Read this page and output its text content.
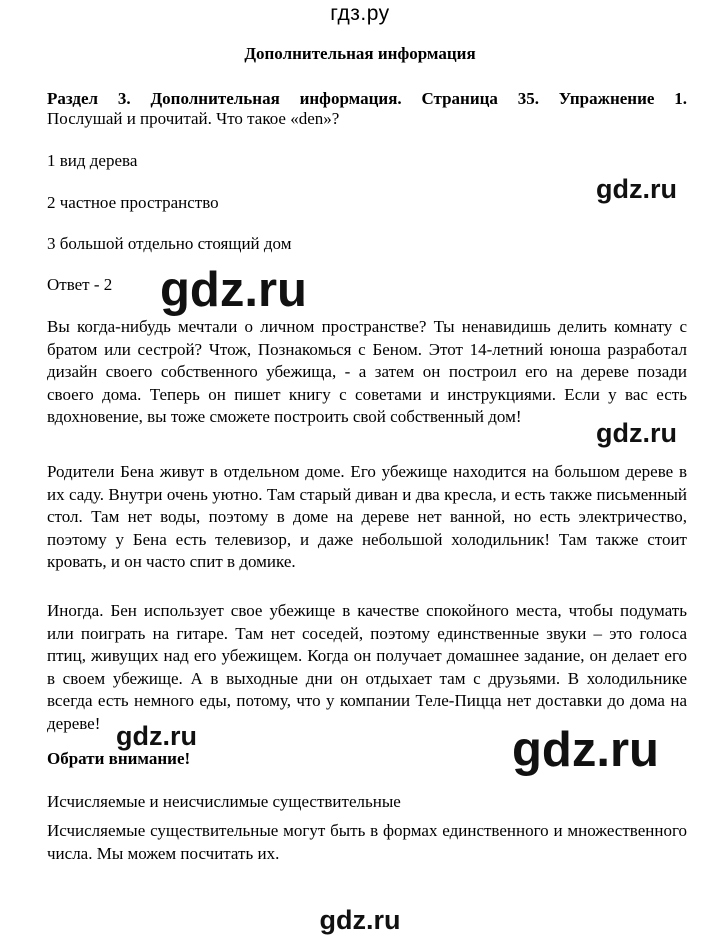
гдз.ру
Дополнительная информация
Раздел 3. Дополнительная информация. Страница 35. Упражнение 1.
Послушай и прочитай. Что такое «den»?
1 вид дерева
2 частное пространство
3 большой отдельно стоящий дом
Ответ - 2
Вы когда-нибудь мечтали о личном пространстве? Ты ненавидишь делить комнату с братом или сестрой? Чтож, Познакомься с Беном. Этот 14-летний юноша разработал дизайн своего собственного убежища, - а затем он построил его на дереве позади своего дома. Теперь он пишет книгу с советами и инструкциями. Если у вас есть вдохновение, вы тоже сможете построить свой собственный дом!
Родители Бена живут в отдельном доме. Его убежище находится на большом дереве в их саду. Внутри очень уютно. Там старый диван и два кресла, и есть также письменный стол. Там нет воды, поэтому в доме на дереве нет ванной, но есть электричество, поэтому у Бена есть телевизор, и даже небольшой холодильник! Там также стоит кровать, и он часто спит в домике.
Иногда. Бен использует свое убежище в качестве спокойного места, чтобы подумать или поиграть на гитаре. Там нет соседей, поэтому единственные звуки – это голоса птиц, живущих над его убежищем. Когда он получает домашнее задание, он делает его в своем убежище. А в выходные дни он отдыхает там с друзьями. В холодильнике всегда есть немного еды, потому, что у компании Теле-Пицца нет доставки до дома на дереве!
Обрати внимание!
Исчисляемые и неисчислимые существительные
Исчисляемые существительные могут быть в формах единственного и множественного числа. Мы можем посчитать их.
gdz.ru
gdz.ru
gdz.ru
gdz.ru	gdz.ru
gdz.ru
